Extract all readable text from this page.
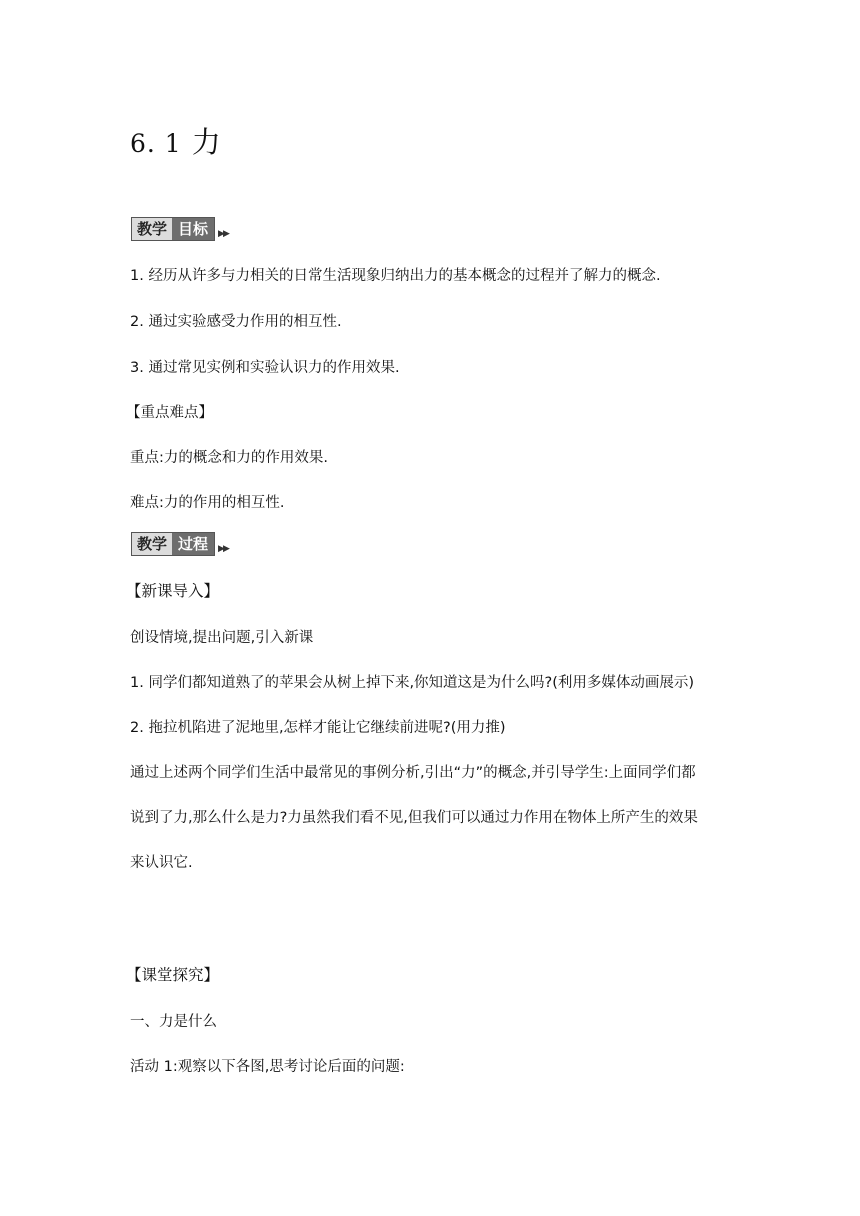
6. 1 力
教学 目标	▶▶
1. 经历从许多与力相关的日常生活现象归纳出力的基本概念的过程并了解力的概念.
2. 通过实验感受力作用的相互性.
3. 通过常见实例和实验认识力的作用效果.
【重点难点】
重点:力的概念和力的作用效果.
难点:力的作用的相互性.
教学 过程	▶▶
【新课导入】
创设情境,提出问题,引入新课
1. 同学们都知道熟了的苹果会从树上掉下来,你知道这是为什么吗?(利用多媒体动画展示)
2. 拖拉机陷进了泥地里,怎样才能让它继续前进呢?(用力推)
通过上述两个同学们生活中最常见的事例分析,引出“力”的概念,并引导学生:上面同学们都
说到了力,那么什么是力?力虽然我们看不见,但我们可以通过力作用在物体上所产生的效果
来认识它.
【课堂探究】
一、力是什么
活动 1:观察以下各图,思考讨论后面的问题:
